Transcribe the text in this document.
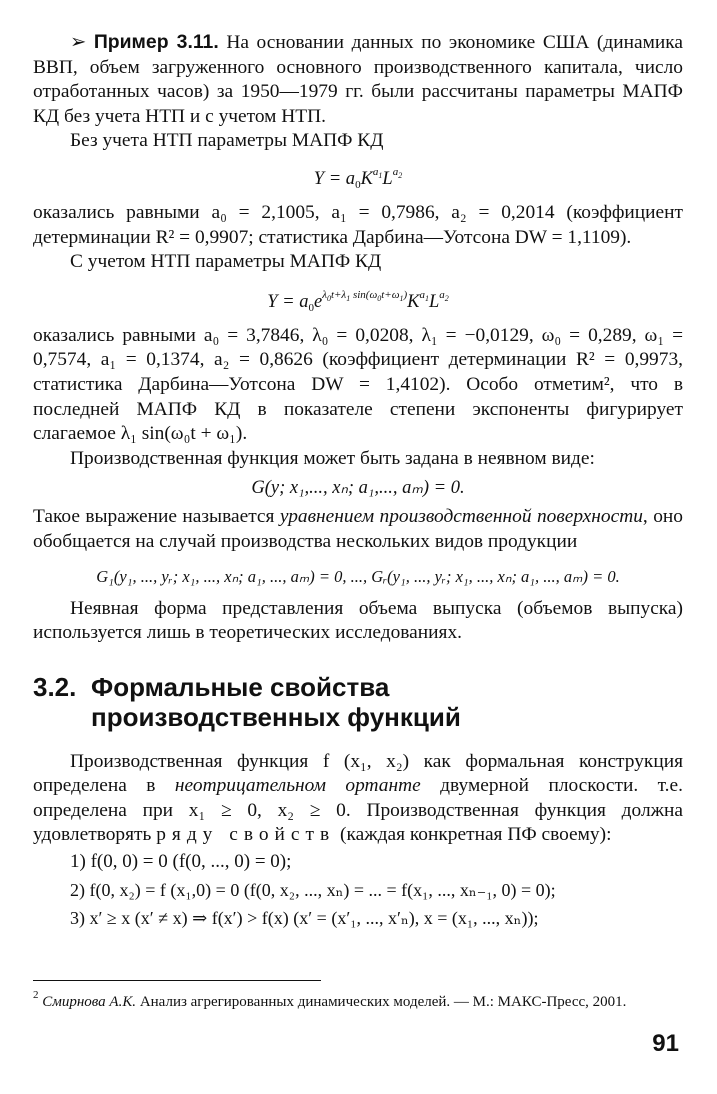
➢ Пример 3.11. На основании данных по экономике США (динамика ВВП, объем загруженного основного производственного капитала, число отработанных часов) за 1950—1979 гг. были рассчитаны параметры МАПФ КД без учета НТП и с учетом НТП.

Без учета НТП параметры МАПФ КД

$Y = a_0K^{a_1}L^{a_2}$

оказались равными a₀ = 2,1005, a₁ = 0,7986, a₂ = 0,2014 (коэффициент детерминации R² = 0,9907; статистика Дарбина—Уотсона DW = 1,1109).

С учетом НТП параметры МАПФ КД

$Y = a_0e^{\lambda_0t+\lambda_1 sin(\omega_0t+\omega_1)}K^{a_1}L^{a_2}$

оказались равными a₀ = 3,7846, λ₀ = 0,0208, λ₁ = −0,0129, ω₀ = 0,289, ω₁ = 0,7574, a₁ = 0,1374, a₂ = 0,8626 (коэффициент детерминации R² = 0,9973, статистика Дарбина—Уотсона DW = 1,4102). Особо отметим², что в последней МАПФ КД в показателе степени экспоненты фигурирует слагаемое λ₁ sin(ω₀t + ω₁).

Производственная функция может быть задана в неявном виде:

G(y; x₁,..., xₙ; a₁,..., aₘ) = 0.

Такое выражение называется уравнением производственной поверхности, оно обобщается на случай производства нескольких видов продукции

G₁(y₁, ..., yᵣ; x₁, ..., xₙ; a₁, ..., aₘ) = 0, ..., Gᵣ(y₁, ..., yᵣ; x₁, ..., xₙ; a₁, ..., aₘ) = 0.

Неявная форма представления объема выпуска (объемов выпуска) используется лишь в теоретических исследованиях.

3.2. Формальные свойства
производственных функций

Производственная функция f (x₁, x₂) как формальная конструкция определена в неотрицательном ортанте двумерной плоскости. т.е. определена при x₁ ≥ 0, x₂ ≥ 0. Производственная функция должна удовлетворять ряду свойств (каждая конкретная ПФ своему):

1) f(0, 0) = 0 (f(0, ..., 0) = 0);

2) f(0, x₂) = f (x₁,0) = 0 (f(0, x₂, ..., xₙ) = ... = f(x₁, ..., xₙ₋₁, 0) = 0);

3) x′ ≥ x (x′ ≠ x) ⇒ f(x′) > f(x) (x′ = (x′₁, ..., x′ₙ), x = (x₁, ..., xₙ));

$^2$ Смирнова А.К. Анализ агрегированных динамических моделей. — М.: МАКС-Пресс, 2001.
91
